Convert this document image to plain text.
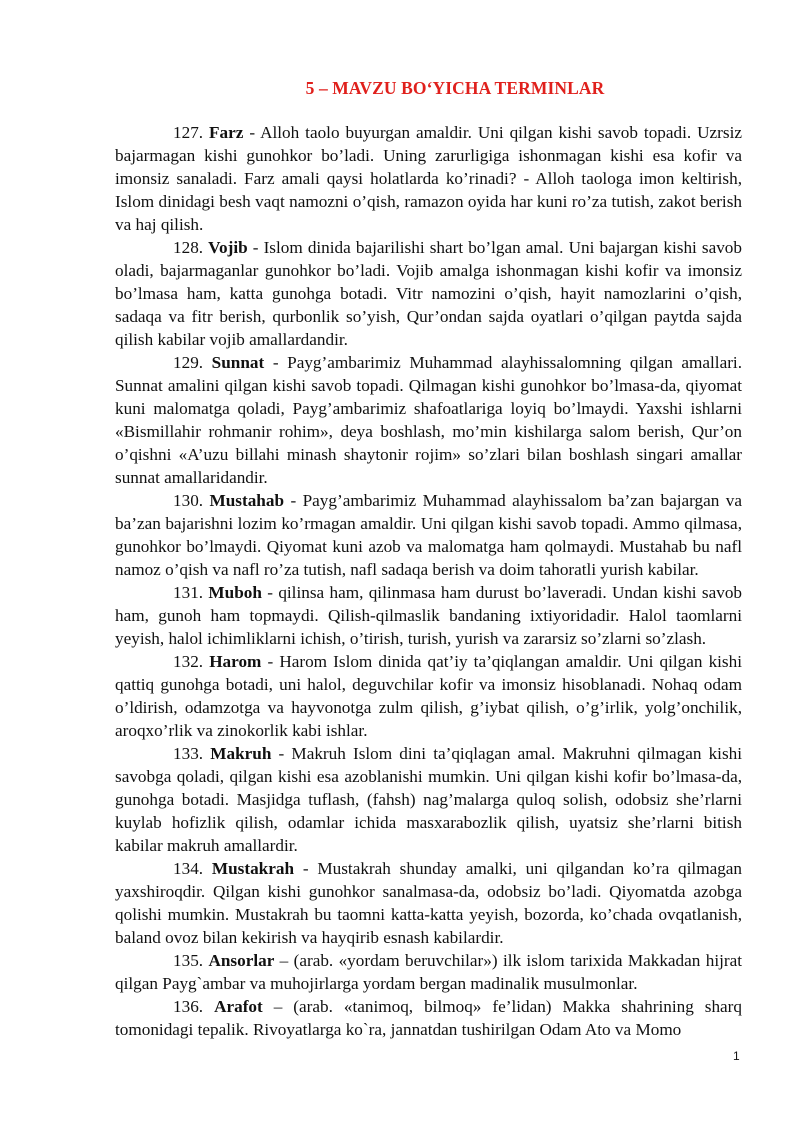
5 – MAVZU BO‘YICHA TERMINLAR

127. Farz - Alloh taolo buyurgan amaldir. Uni qilgan kishi savob topadi. Uzrsiz bajarmagan kishi gunohkor bo’ladi. Uning zarurligiga ishonmagan kishi esa kofir va imonsiz sanaladi. Farz amali qaysi holatlarda ko’rinadi? - Alloh taologa imon keltirish, Islom dinidagi besh vaqt namozni o’qish, ramazon oyida har kuni ro’za tutish, zakot berish va haj qilish.

128. Vojib - Islom dinida bajarilishi shart bo’lgan amal. Uni bajargan kishi savob oladi, bajarmaganlar gunohkor bo’ladi. Vojib amalga ishonmagan kishi kofir va imonsiz bo’lmasa ham, katta gunohga botadi. Vitr namozini o’qish, hayit namozlarini o’qish, sadaqa va fitr berish, qurbonlik so’yish, Qur’ondan sajda oyatlari o’qilgan paytda sajda qilish kabilar vojib amallardandir.

129. Sunnat - Payg’ambarimiz Muhammad alayhissalomning qilgan amallari. Sunnat amalini qilgan kishi savob topadi. Qilmagan kishi gunohkor bo’lmasa-da, qiyomat kuni malomatga qoladi, Payg’ambarimiz shafoatlariga loyiq bo’lmaydi. Yaxshi ishlarni «Bismillahir rohmanir rohim», deya boshlash, mo’min kishilarga salom berish, Qur’on o’qishni «A’uzu billahi minash shaytonir rojim» so’zlari bilan boshlash singari amallar sunnat amallaridandir.

130. Mustahab - Payg’ambarimiz Muhammad alayhissalom ba’zan bajargan va ba’zan bajarishni lozim ko’rmagan amaldir. Uni qilgan kishi savob topadi. Ammo qilmasa, gunohkor bo’lmaydi. Qiyomat kuni azob va malomatga ham qolmaydi. Mustahab bu nafl namoz o’qish va nafl ro’za tutish, nafl sadaqa berish va doim tahoratli yurish kabilar.

131. Muboh - qilinsa ham, qilinmasa ham durust bo’laveradi. Undan kishi savob ham, gunoh ham topmaydi. Qilish-qilmaslik bandaning ixtiyoridadir. Halol taomlarni yeyish, halol ichimliklarni ichish, o’tirish, turish, yurish va zararsiz so’zlarni so’zlash.

132. Harom - Harom Islom dinida qat’iy ta’qiqlangan amaldir. Uni qilgan kishi qattiq gunohga botadi, uni halol, deguvchilar kofir va imonsiz hisoblanadi. Nohaq odam o’ldirish, odamzotga va hayvonotga zulm qilish, g’iybat qilish, o’g’irlik, yolg’onchilik, aroqxo’rlik va zinokorlik kabi ishlar.

133. Makruh - Makruh Islom dini ta’qiqlagan amal. Makruhni qilmagan kishi savobga qoladi, qilgan kishi esa azoblanishi mumkin. Uni qilgan kishi kofir bo’lmasa-da, gunohga botadi. Masjidga tuflash, (fahsh) nag’malarga quloq solish, odobsiz she’rlarni kuylab hofizlik qilish, odamlar ichida masxarabozlik qilish, uyatsiz she’rlarni bitish kabilar makruh amallardir.

134. Mustakrah - Mustakrah shunday amalki, uni qilgandan ko’ra qilmagan yaxshiroqdir. Qilgan kishi gunohkor sanalmasa-da, odobsiz bo’ladi. Qiyomatda azobga qolishi mumkin. Mustakrah bu taomni katta-katta yeyish, bozorda, ko’chada ovqatlanish, baland ovoz bilan kekirish va hayqirib esnash kabilardir.

135. Ansorlar – (arab. «yordam beruvchilar») ilk islom tarixida Makkadan hijrat qilgan Payg`ambar va muhojirlarga yordam bergan madinalik musulmonlar.

136. Arafot – (arab. «tanimoq, bilmoq» fe’lidan) Makka shahrining sharq tomonidagi tepalik. Rivoyatlarga ko`ra, jannatdan tushirilgan Odam Ato va Momo

1
